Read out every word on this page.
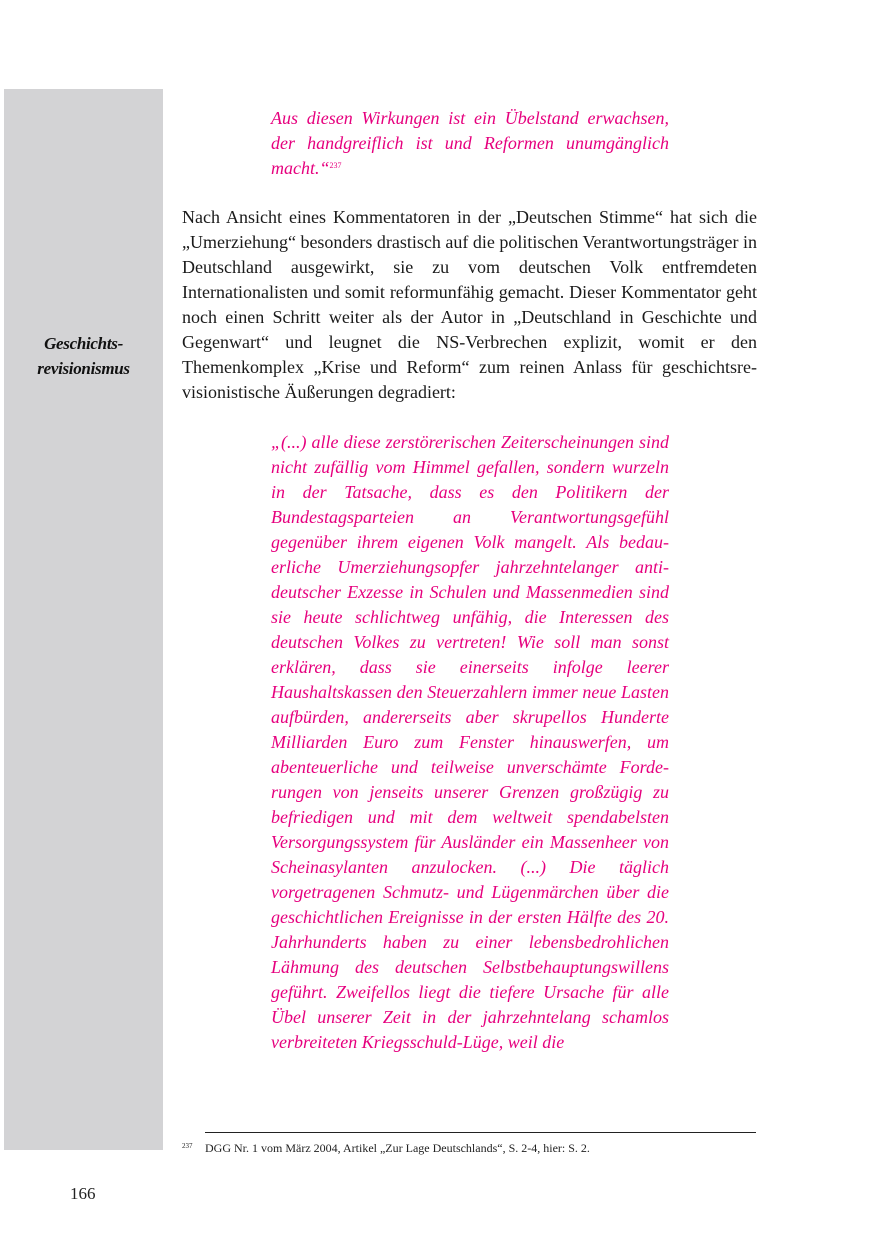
Geschichts-
revisionismus
Aus diesen Wirkungen ist ein Übelstand erwachsen, der handgreiflich ist und Reformen unumgänglich macht.“$^{237}$
Nach Ansicht eines Kommentatoren in der „Deutschen Stimme“ hat sich die „Umerziehung“ besonders drastisch auf die politischen Verantwortungsträger in Deutschland ausgewirkt, sie zu vom deutschen Volk entfremdeten Internationalisten und somit reformunfähig gemacht. Dieser Kommentator geht noch einen Schritt weiter als der Autor in „Deutschland in Geschichte und Gegenwart“ und leugnet die NS-Verbrechen explizit, womit er den Themenkomplex „Krise und Reform“ zum reinen Anlass für geschichtsrevisionistische Äußerungen degradiert:
„(...) alle diese zerstörerischen Zeiterscheinungen sind nicht zufällig vom Himmel gefallen, sondern wurzeln in der Tatsache, dass es den Politikern der Bundestagsparteien an Verantwortungsgefühl gegenüber ihrem eigenen Volk mangelt. Als bedauerliche Umerziehungsopfer jahrzehntelanger antideutscher Exzesse in Schulen und Massenmedien sind sie heute schlichtweg unfähig, die Interessen des deutschen Volkes zu vertreten! Wie soll man sonst erklären, dass sie einerseits infolge leerer Haushaltskassen den Steuerzahlern immer neue Lasten aufbürden, andererseits aber skrupellos Hunderte Milliarden Euro zum Fenster hinauswerfen, um abenteuerliche und teilweise unverschämte Forderungen von jenseits unserer Grenzen großzügig zu befriedigen und mit dem weltweit spendabelsten Versorgungssystem für Ausländer ein Massenheer von Scheinasylanten anzulocken. (...) Die täglich vorgetragenen Schmutz- und Lügenmärchen über die geschichtlichen Ereignisse in der ersten Hälfte des 20. Jahrhunderts haben zu einer lebensbedrohlichen Lähmung des deutschen Selbstbehauptungswillens geführt. Zweifellos liegt die tiefere Ursache für alle Übel unserer Zeit in der jahrzehntelang schamlos verbreiteten Kriegsschuld-Lüge, weil die
237 DGG Nr. 1 vom März 2004, Artikel „Zur Lage Deutschlands“, S. 2-4, hier: S. 2.
166
